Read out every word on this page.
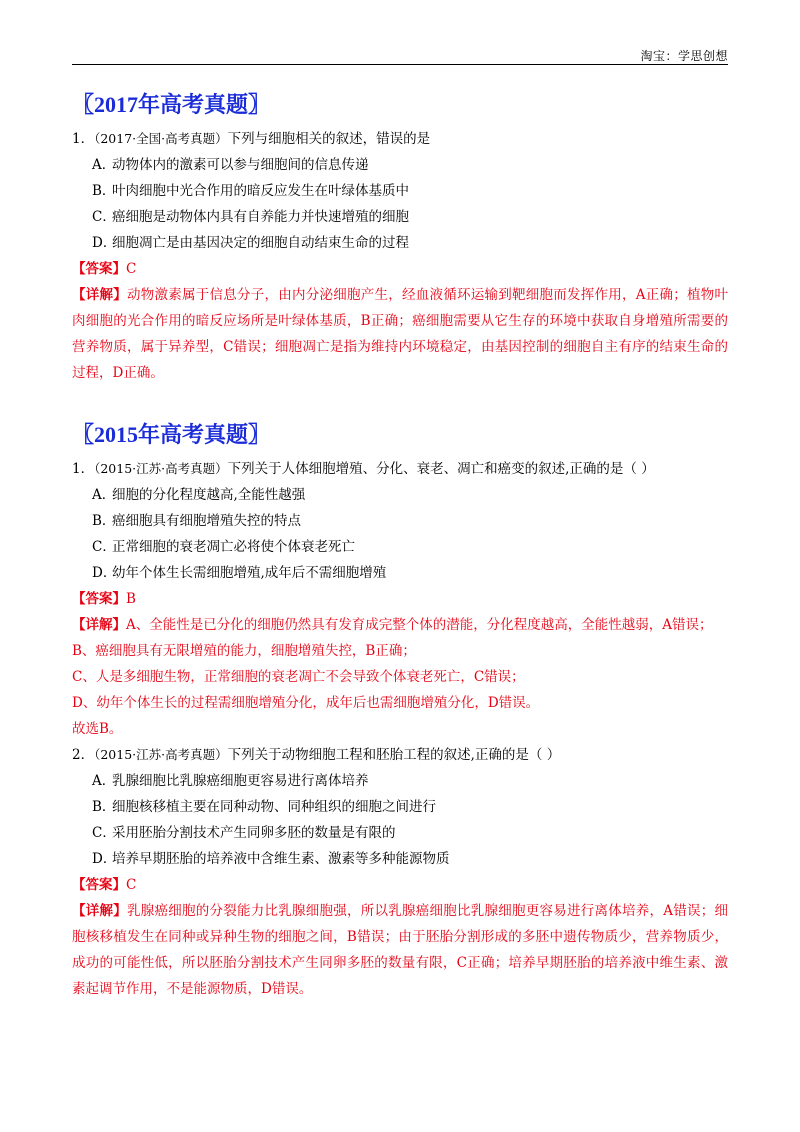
淘宝：学思创想
〖2017年高考真题〗
1．（2017·全国·高考真题）下列与细胞相关的叙述，错误的是
A．动物体内的激素可以参与细胞间的信息传递
B．叶肉细胞中光合作用的暗反应发生在叶绿体基质中
C．癌细胞是动物体内具有自养能力并快速增殖的细胞
D．细胞凋亡是由基因决定的细胞自动结束生命的过程
【答案】C
【详解】动物激素属于信息分子，由内分泌细胞产生，经血液循环运输到靶细胞而发挥作用，A正确；植物叶肉细胞的光合作用的暗反应场所是叶绿体基质，B正确；癌细胞需要从它生存的环境中获取自身增殖所需要的营养物质，属于异养型，C错误；细胞凋亡是指为维持内环境稳定，由基因控制的细胞自主有序的结束生命的过程，D正确。
〖2015年高考真题〗
1．（2015·江苏·高考真题）下列关于人体细胞增殖、分化、衰老、凋亡和癌变的叙述,正确的是（ ）
A．细胞的分化程度越高,全能性越强
B．癌细胞具有细胞增殖失控的特点
C．正常细胞的衰老凋亡必将使个体衰老死亡
D．幼年个体生长需细胞增殖,成年后不需细胞增殖
【答案】B
【详解】A、全能性是已分化的细胞仍然具有发育成完整个体的潜能，分化程度越高，全能性越弱，A错误；
B、癌细胞具有无限增殖的能力，细胞增殖失控，B正确；
C、人是多细胞生物，正常细胞的衰老凋亡不会导致个体衰老死亡，C错误；
D、幼年个体生长的过程需细胞增殖分化，成年后也需细胞增殖分化，D错误。
故选B。
2．（2015·江苏·高考真题）下列关于动物细胞工程和胚胎工程的叙述,正确的是（ ）
A．乳腺细胞比乳腺癌细胞更容易进行离体培养
B．细胞核移植主要在同种动物、同种组织的细胞之间进行
C．采用胚胎分割技术产生同卵多胚的数量是有限的
D．培养早期胚胎的培养液中含维生素、激素等多种能源物质
【答案】C
【详解】乳腺癌细胞的分裂能力比乳腺细胞强，所以乳腺癌细胞比乳腺细胞更容易进行离体培养，A错误；细胞核移植发生在同种或异种生物的细胞之间，B错误；由于胚胎分割形成的多胚中遗传物质少，营养物质少，成功的可能性低，所以胚胎分割技术产生同卵多胚的数量有限，C正确；培养早期胚胎的培养液中维生素、激素起调节作用，不是能源物质，D错误。
